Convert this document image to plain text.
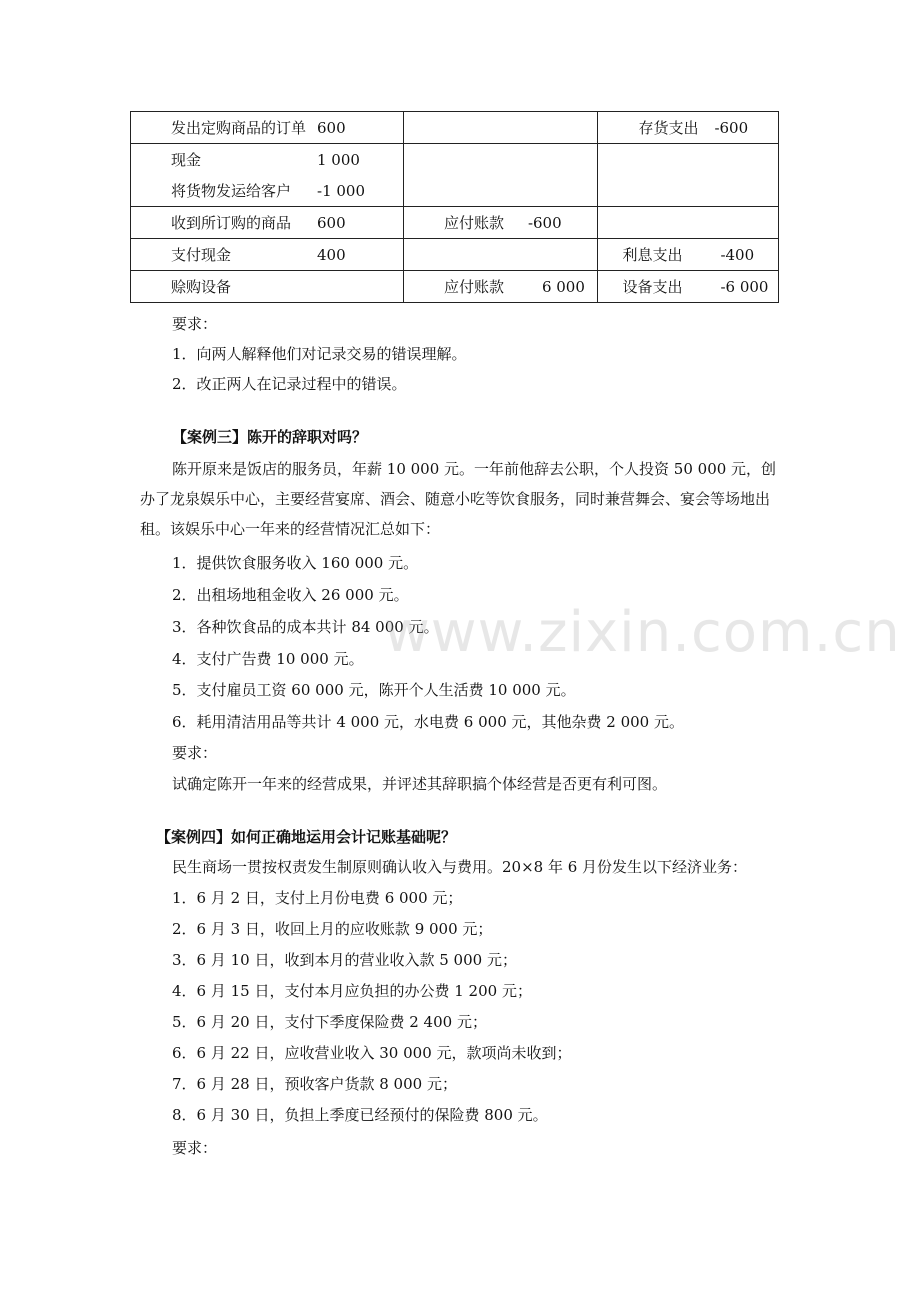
发出定购商品的订单 600		存货支出 -600

现金 1 000
将货物发运给客户 -1 000		

收到所订购的商品 600	应付账款 -600	

支付现金 400		利息支出 -400

赊购设备	应付账款 6 000	设备支出 -6 000
要求：
1．向两人解释他们对记录交易的错误理解。
2．改正两人在记录过程中的错误。
【案例三】陈开的辞职对吗？
陈开原来是饭店的服务员，年薪 10 000 元。一年前他辞去公职，个人投资 50 000 元，创办了龙泉娱乐中心，主要经营宴席、酒会、随意小吃等饮食服务，同时兼营舞会、宴会等场地出租。该娱乐中心一年来的经营情况汇总如下：
1．提供饮食服务收入 160 000 元。
2．出租场地租金收入 26 000 元。
3．各种饮食品的成本共计 84 000 元。
4．支付广告费 10 000 元。
5．支付雇员工资 60 000 元，陈开个人生活费 10 000 元。
6．耗用清洁用品等共计 4 000 元，水电费 6 000 元，其他杂费 2 000 元。
要求：
试确定陈开一年来的经营成果，并评述其辞职搞个体经营是否更有利可图。
【案例四】如何正确地运用会计记账基础呢？
民生商场一贯按权责发生制原则确认收入与费用。20×8 年 6 月份发生以下经济业务：
1．6 月 2 日，支付上月份电费 6 000 元；
2．6 月 3 日，收回上月的应收账款 9 000 元；
3．6 月 10 日，收到本月的营业收入款 5 000 元；
4．6 月 15 日，支付本月应负担的办公费 1 200 元；
5．6 月 20 日，支付下季度保险费 2 400 元；
6．6 月 22 日，应收营业收入 30 000 元，款项尚未收到；
7．6 月 28 日，预收客户货款 8 000 元；
8．6 月 30 日，负担上季度已经预付的保险费 800 元。
要求：
www.zixin.com.cn
